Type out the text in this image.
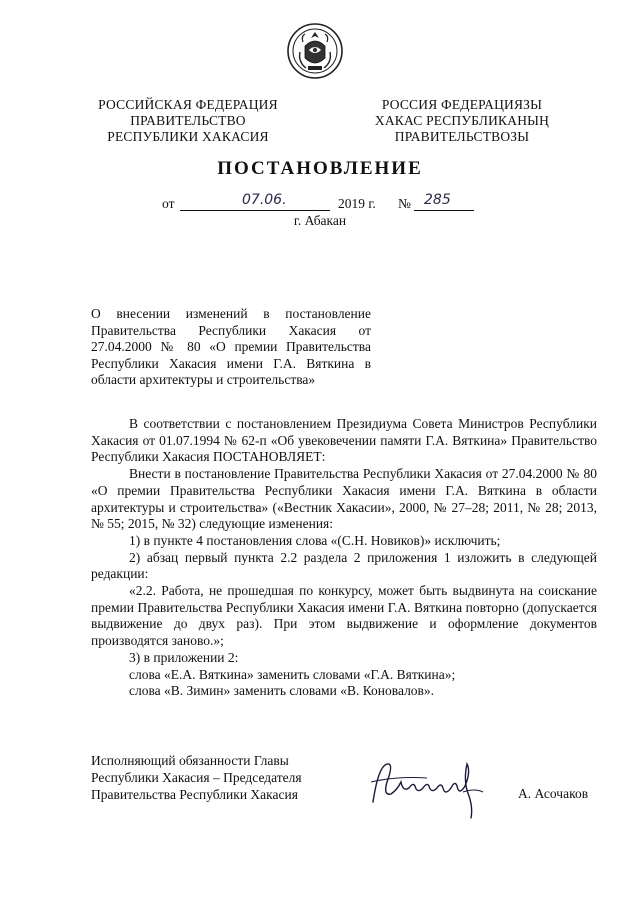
РОССИЙСКАЯ ФЕДЕРАЦИЯ
ПРАВИТЕЛЬСТВО
РЕСПУБЛИКИ ХАКАСИЯ
РОССИЯ ФЕДЕРАЦИЯЗЫ
ХАКАС РЕСПУБЛИКАНЫҢ
ПРАВИТЕЛЬСТВОЗЫ
ПОСТАНОВЛЕНИЕ
от	07.06.	2019 г. № 285
г. Абакан
О внесении изменений в постановление Правительства Республики Хакасия от 27.04.2000 № 80 «О премии Правительства Республики Хакасия имени Г.А. Вяткина в области архитектуры и строительства»

В соответствии с постановлением Президиума Совета Министров Республики Хакасия от 01.07.1994 № 62-п «Об увековечении памяти Г.А. Вяткина» Правительство Республики Хакасия ПОСТАНОВЛЯЕТ:

Внести в постановление Правительства Республики Хакасия от 27.04.2000 № 80 «О премии Правительства Республики Хакасия имени Г.А. Вяткина в области архитектуры и строительства» («Вестник Хакасии», 2000, № 27–28; 2011, № 28; 2013, № 55; 2015, № 32) следующие изменения:

1) в пункте 4 постановления слова «(С.Н. Новиков)» исключить;

2) абзац первый пункта 2.2 раздела 2 приложения 1 изложить в следующей редакции:

«2.2. Работа, не прошедшая по конкурсу, может быть выдвинута на соискание премии Правительства Республики Хакасия имени Г.А. Вяткина повторно (допускается выдвижение до двух раз). При этом выдвижение и оформление документов производятся заново.»;

3) в приложении 2:

слова «Е.А. Вяткина» заменить словами «Г.А. Вяткина»;

слова «В. Зимин» заменить словами «В. Коновалов».

Исполняющий обязанности Главы
Республики Хакасия – Председателя
Правительства Республики Хакасия	А. Асочаков
